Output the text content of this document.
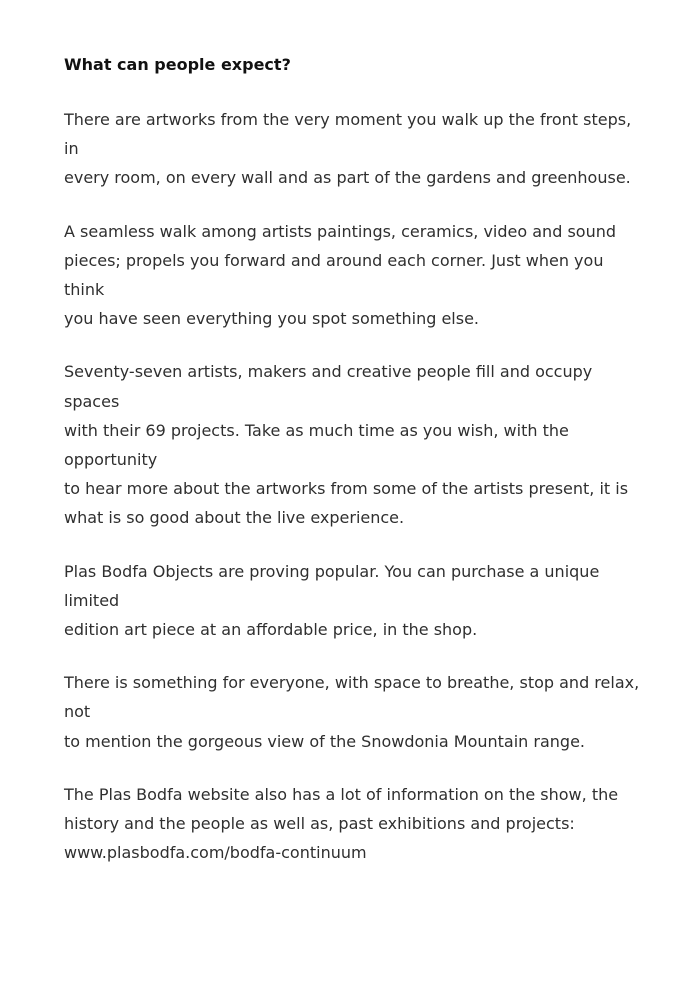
What can people expect?

There are artworks from the very moment you walk up the front steps, in
every room, on every wall and as part of the gardens and greenhouse.

A seamless walk among artists paintings, ceramics, video and sound
pieces; propels you forward and around each corner. Just when you think
you have seen everything you spot something else.

Seventy-seven artists, makers and creative people fill and occupy spaces
with their 69 projects. Take as much time as you wish, with the opportunity
to hear more about the artworks from some of the artists present, it is
what is so good about the live experience.

Plas Bodfa Objects are proving popular. You can purchase a unique limited
edition art piece at an affordable price, in the shop.

There is something for everyone, with space to breathe, stop and relax, not
to mention the gorgeous view of the Snowdonia Mountain range.

The Plas Bodfa website also has a lot of information on the show, the
history and the people as well as, past exhibitions and projects:
www.plasbodfa.com/bodfa-continuum
